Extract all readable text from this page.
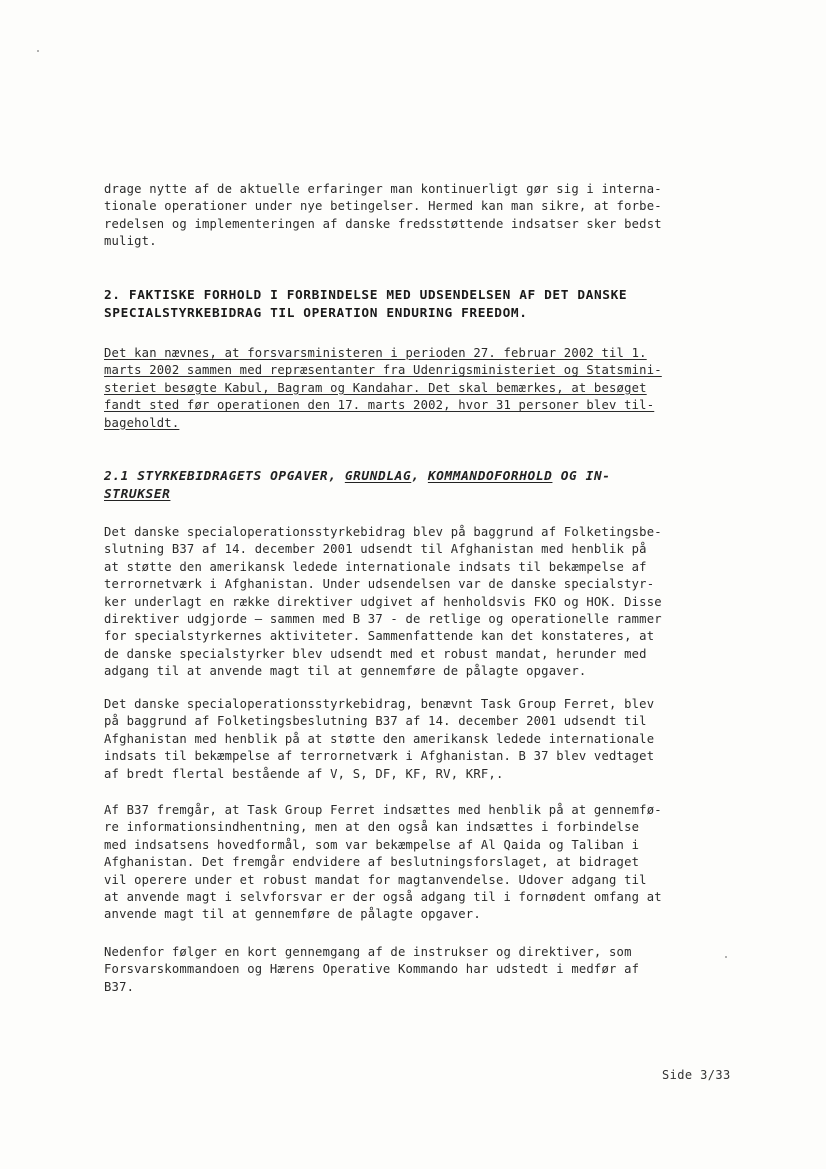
drage nytte af de aktuelle erfaringer man kontinuerligt gør sig i interna-
tionale operationer under nye betingelser. Hermed kan man sikre, at forbe-
redelsen og implementeringen af danske fredsstøttende indsatser sker bedst
muligt.
2. FAKTISKE FORHOLD I FORBINDELSE MED UDSENDELSEN AF DET DANSKE
SPECIALSTYRKEBIDRAG TIL OPERATION ENDURING FREEDOM.
Det kan nævnes, at forsvarsministeren i perioden 27. februar 2002 til 1.
marts 2002 sammen med repræsentanter fra Udenrigsministeriet og Statsmini-
steriet besøgte Kabul, Bagram og Kandahar. Det skal bemærkes, at besøget
fandt sted før operationen den 17. marts 2002, hvor 31 personer blev til-
bageholdt.
2.1 STYRKEBIDRAGETS OPGAVER, GRUNDLAG, KOMMANDOFORHOLD OG IN-
STRUKSER
Det danske specialoperationsstyrkebidrag blev på baggrund af Folketingsbe-
slutning B37 af 14. december 2001 udsendt til Afghanistan med henblik på
at støtte den amerikansk ledede internationale indsats til bekæmpelse af
terrornetværk i Afghanistan. Under udsendelsen var de danske specialstyr-
ker underlagt en række direktiver udgivet af henholdsvis FKO og HOK. Disse
direktiver udgjorde – sammen med B 37 - de retlige og operationelle rammer
for specialstyrkernes aktiviteter. Sammenfattende kan det konstateres, at
de danske specialstyrker blev udsendt med et robust mandat, herunder med
adgang til at anvende magt til at gennemføre de pålagte opgaver.
Det danske specialoperationsstyrkebidrag, benævnt Task Group Ferret, blev
på baggrund af Folketingsbeslutning B37 af 14. december 2001 udsendt til
Afghanistan med henblik på at støtte den amerikansk ledede internationale
indsats til bekæmpelse af terrornetværk i Afghanistan. B 37 blev vedtaget
af bredt flertal bestående af V, S, DF, KF, RV, KRF,.
Af B37 fremgår, at Task Group Ferret indsættes med henblik på at gennemfø-
re informationsindhentning, men at den også kan indsættes i forbindelse
med indsatsens hovedformål, som var bekæmpelse af Al Qaida og Taliban i
Afghanistan. Det fremgår endvidere af beslutningsforslaget, at bidraget
vil operere under et robust mandat for magtanvendelse. Udover adgang til
at anvende magt i selvforsvar er der også adgang til i fornødent omfang at
anvende magt til at gennemføre de pålagte opgaver.
Nedenfor følger en kort gennemgang af de instrukser og direktiver, som
Forsvarskommandoen og Hærens Operative Kommando har udstedt i medfør af
B37.
Side 3/33
